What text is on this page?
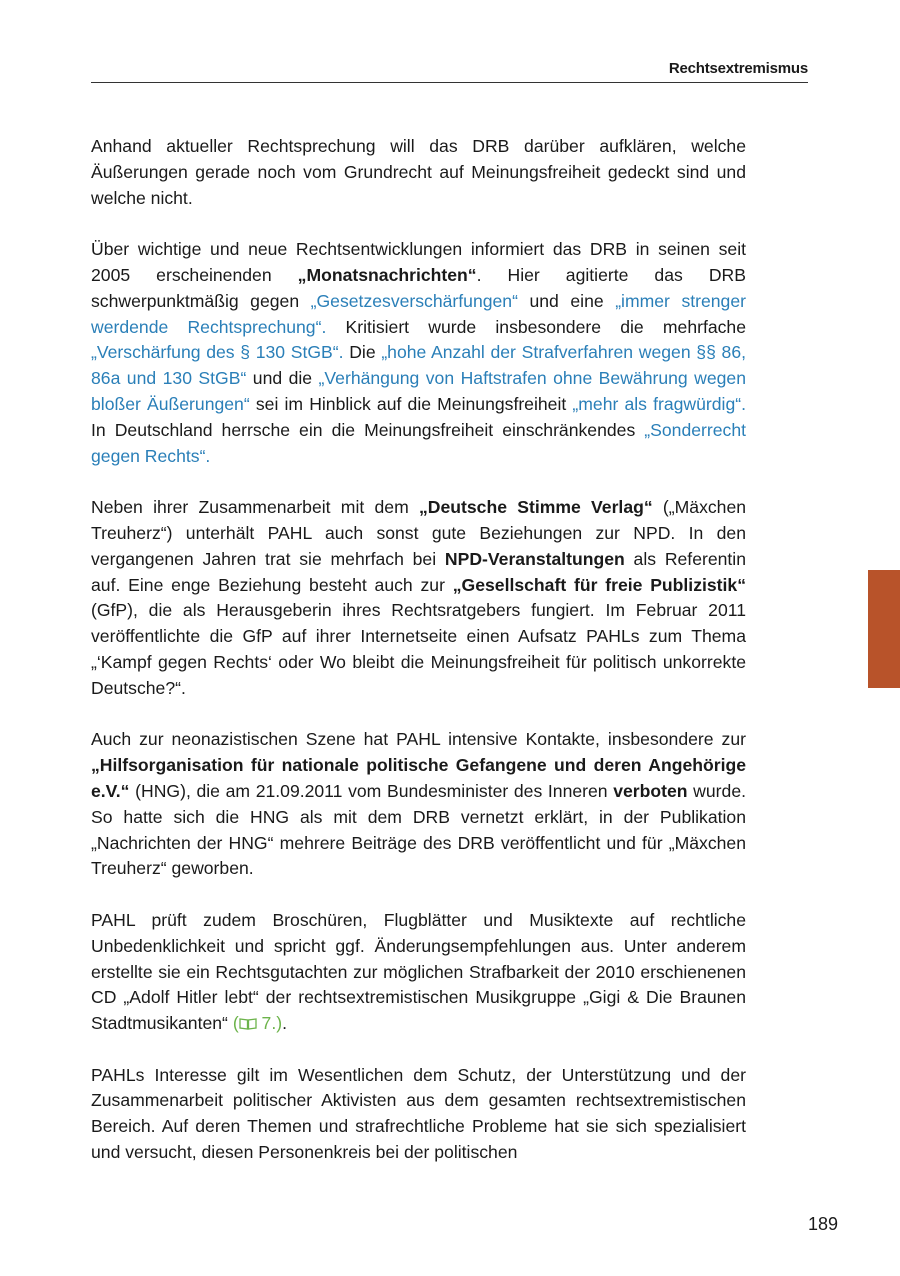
Rechtsextremismus

Anhand aktueller Rechtsprechung will das DRB darüber aufklären, welche Äußerungen gerade noch vom Grundrecht auf Meinungsfreiheit gedeckt sind und welche nicht.

Über wichtige und neue Rechtsentwicklungen informiert das DRB in seinen seit 2005 erscheinenden „Monatsnachrichten“. Hier agitierte das DRB schwerpunktmäßig gegen „Gesetzesverschärfungen“ und eine „immer strenger werdende Rechtsprechung“. Kritisiert wurde insbesondere die mehrfache „Verschärfung des § 130 StGB“. Die „hohe Anzahl der Strafverfahren wegen §§ 86, 86a und 130 StGB“ und die „Verhängung von Haftstrafen ohne Bewährung wegen bloßer Äußerungen“ sei im Hinblick auf die Meinungsfreiheit „mehr als fragwürdig“. In Deutschland herrsche ein die Meinungsfreiheit einschränkendes „Sonderrecht gegen Rechts“.

Neben ihrer Zusammenarbeit mit dem „Deutsche Stimme Verlag“ („Mäxchen Treuherz“) unterhält PAHL auch sonst gute Beziehungen zur NPD. In den vergangenen Jahren trat sie mehrfach bei NPD-Veranstaltungen als Referentin auf. Eine enge Beziehung besteht auch zur „Gesellschaft für freie Publizistik“ (GfP), die als Herausgeberin ihres Rechtsratgebers fungiert. Im Februar 2011 veröffentlichte die GfP auf ihrer Internetseite einen Aufsatz PAHLs zum Thema „‘Kampf gegen Rechts‘ oder Wo bleibt die Meinungsfreiheit für politisch unkorrekte Deutsche?“.

Auch zur neonazistischen Szene hat PAHL intensive Kontakte, insbesondere zur „Hilfsorganisation für nationale politische Gefangene und deren Angehörige e.V.“ (HNG), die am 21.09.2011 vom Bundesminister des Inneren verboten wurde. So hatte sich die HNG als mit dem DRB vernetzt erklärt, in der Publikation „Nachrichten der HNG“ mehrere Beiträge des DRB veröffentlicht und für „Mäxchen Treuherz“ geworben.

PAHL prüft zudem Broschüren, Flugblätter und Musiktexte auf rechtliche Unbedenklichkeit und spricht ggf. Änderungsempfehlungen aus. Unter anderem erstellte sie ein Rechtsgutachten zur möglichen Strafbarkeit der 2010 erschienenen CD „Adolf Hitler lebt“ der rechtsextremistischen Musikgruppe „Gigi & Die Braunen Stadtmusikanten“ ( 7.).

PAHLs Interesse gilt im Wesentlichen dem Schutz, der Unterstützung und der Zusammenarbeit politischer Aktivisten aus dem gesamten rechtsextremistischen Bereich. Auf deren Themen und strafrechtliche Probleme hat sie sich spezialisiert und versucht, diesen Personenkreis bei der politischen

189
